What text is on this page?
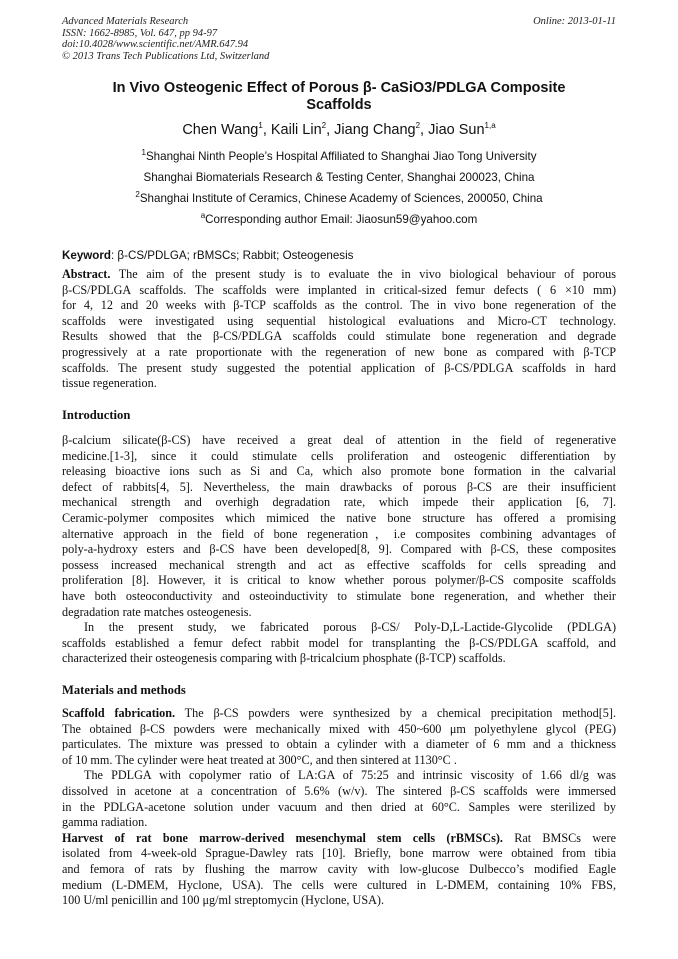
Advanced Materials Research
ISSN: 1662-8985, Vol. 647, pp 94-97
doi:10.4028/www.scientific.net/AMR.647.94
© 2013 Trans Tech Publications Ltd, Switzerland
Online: 2013-01-11
In Vivo Osteogenic Effect of Porous β- CaSiO3/PDLGA Composite
Scaffolds
Chen Wang$^1$, Kaili Lin$^2$, Jiang Chang$^2$, Jiao Sun$^{1,a}$
$^1$Shanghai Ninth People’s Hospital Affiliated to Shanghai Jiao Tong University
Shanghai Biomaterials Research & Testing Center, Shanghai 200023, China
$^2$Shanghai Institute of Ceramics, Chinese Academy of Sciences, 200050, China
$^a$Corresponding author Email: Jiaosun59@yahoo.com
Keyword: β-CS/PDLGA; rBMSCs; Rabbit; Osteogenesis
Abstract. The aim of the present study is to evaluate the in vivo biological behaviour of porous
β-CS/PDLGA scaffolds. The scaffolds were implanted in critical-sized femur defects ( 6 ×10 mm)
for 4, 12 and 20 weeks with β-TCP scaffolds as the control. The in vivo bone regeneration of the
scaffolds were investigated using sequential histological evaluations and Micro-CT technology.
Results showed that the β-CS/PDLGA scaffolds could stimulate bone regeneration and degrade
progressively at a rate proportionate with the regeneration of new bone as compared with β-TCP
scaffolds. The present study suggested the potential application of β-CS/PDLGA scaffolds in hard
tissue regeneration.
Introduction
β-calcium silicate(β-CS) have received a great deal of attention in the field of regenerative
medicine.[1-3], since it could stimulate cells proliferation and osteogenic differentiation by
releasing bioactive ions such as Si and Ca, which also promote bone formation in the calvarial
defect of rabbits[4, 5]. Nevertheless, the main drawbacks of porous β-CS are their insufficient
mechanical strength and overhigh degradation rate, which impede their application [6, 7].
Ceramic-polymer composites which mimiced the native bone structure has offered a promising
alternative approach in the field of bone regeneration，i.e composites combining advantages of
poly-a-hydroxy esters and β-CS have been developed[8, 9]. Compared with β-CS, these composites
possess increased mechanical strength and act as effective scaffolds for cells spreading and
proliferation [8]. However, it is critical to know whether porous polymer/β-CS composite scaffolds
have both osteoconductivity and osteoinductivity to stimulate bone regeneration, and whether their
degradation rate matches osteogenesis.
In the present study, we fabricated porous β-CS/ Poly-D,L-Lactide-Glycolide (PDLGA)
scaffolds established a femur defect rabbit model for transplanting the β-CS/PDLGA scaffold, and
characterized their osteogenesis comparing with β-tricalcium phosphate (β-TCP) scaffolds.
Materials and methods
Scaffold fabrication. The β-CS powders were synthesized by a chemical precipitation method[5].
The obtained β-CS powders were mechanically mixed with 450~600 μm polyethylene glycol (PEG)
particulates. The mixture was pressed to obtain a cylinder with a diameter of 6 mm and a thickness
of 10 mm. The cylinder were heat treated at 300°C, and then sintered at 1130°C .
The PDLGA with copolymer ratio of LA:GA of 75:25 and intrinsic viscosity of 1.66 dl/g was
dissolved in acetone at a concentration of 5.6% (w/v). The sintered β-CS scaffolds were immersed
in the PDLGA-acetone solution under vacuum and then dried at 60°C. Samples were sterilized by
gamma radiation.
Harvest of rat bone marrow-derived mesenchymal stem cells (rBMSCs). Rat BMSCs were
isolated from 4-week-old Sprague-Dawley rats [10]. Briefly, bone marrow were obtained from tibia
and femora of rats by flushing the marrow cavity with low-glucose Dulbecco’s modified Eagle
medium (L-DMEM, Hyclone, USA). The cells were cultured in L-DMEM, containing 10% FBS,
100 U/ml penicillin and 100 μg/ml streptomycin (Hyclone, USA).
